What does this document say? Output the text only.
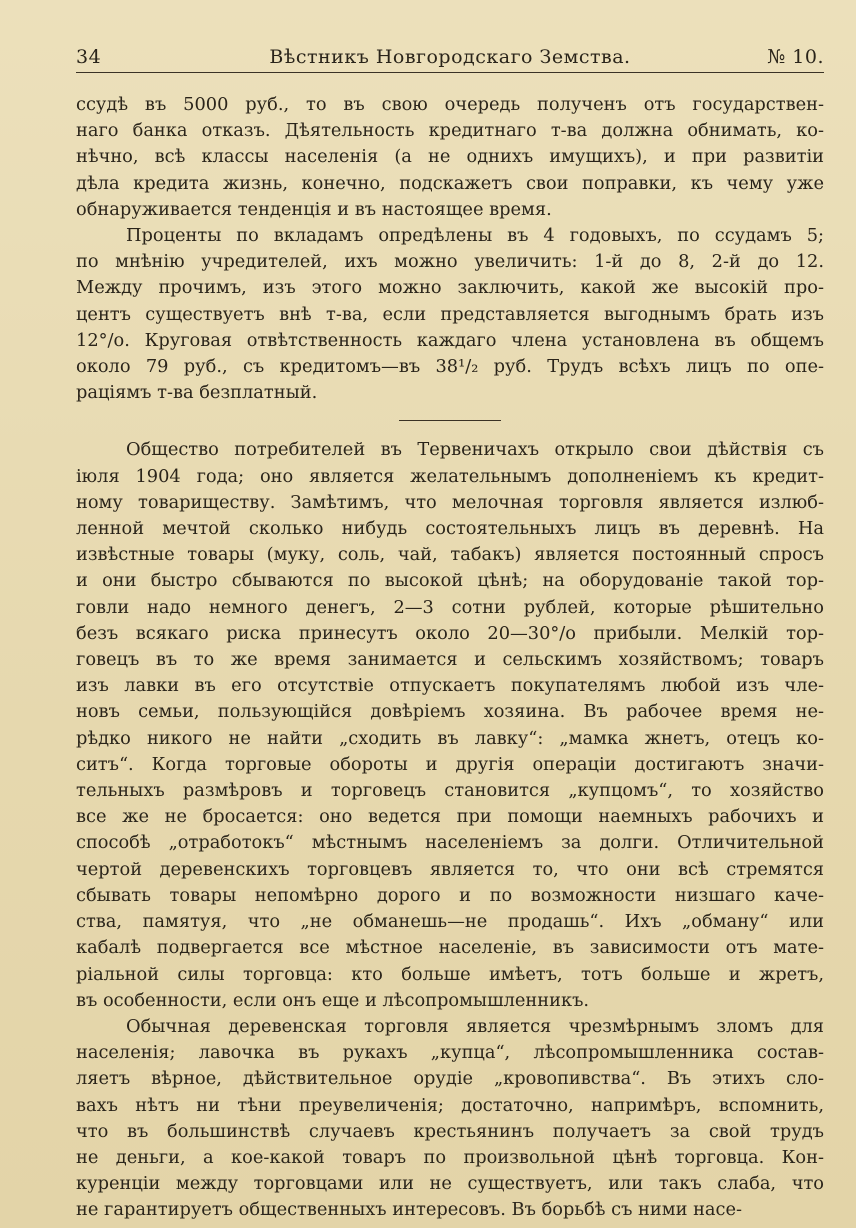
34	Вѣстникъ Новгородскаго Земства.	№ 10.
ссудѣ въ 5000 руб., то въ свою очередь полученъ отъ государствен-
наго банка отказъ. Дѣятельность кредитнаго т-ва должна обнимать, ко-
нѣчно, всѣ классы населенія (а не однихъ имущихъ), и при развитіи
дѣла кредита жизнь, конечно, подскажетъ свои поправки, къ чему уже
обнаруживается тенденція и въ настоящее время.
Проценты по вкладамъ опредѣлены въ 4 годовыхъ, по ссудамъ 5;
по мнѣнію учредителей, ихъ можно увеличить: 1-й до 8, 2-й до 12.
Между прочимъ, изъ этого можно заключить, какой же высокій про-
центъ существуетъ внѣ т-ва, если представляется выгоднымъ брать изъ
12°/о. Круговая отвѣтственность каждаго члена установлена въ общемъ
около 79 руб., съ кредитомъ—въ 38¹/₂ руб. Трудъ всѣхъ лицъ по опе-
раціямъ т-ва безплатный.
Общество потребителей въ Тервеничахъ открыло свои дѣйствія съ
іюля 1904 года; оно является желательнымъ дополненіемъ къ кредит-
ному товариществу. Замѣтимъ, что мелочная торговля является излюб-
ленной мечтой сколько нибудь состоятельныхъ лицъ въ деревнѣ. На
извѣстные товары (муку, соль, чай, табакъ) является постоянный спросъ
и они быстро сбываются по высокой цѣнѣ; на оборудованіе такой тор-
говли надо немного денегъ, 2—3 сотни рублей, которые рѣшительно
безъ всякаго риска принесутъ около 20—30°/о прибыли. Мелкій тор-
говецъ въ то же время занимается и сельскимъ хозяйствомъ; товаръ
изъ лавки въ его отсутствіе отпускаетъ покупателямъ любой изъ чле-
новъ семьи, пользующійся довѣріемъ хозяина. Въ рабочее время не-
рѣдко никого не найти „сходить въ лавку“: „мамка жнетъ, отецъ ко-
ситъ“. Когда торговые обороты и другія операціи достигаютъ значи-
тельныхъ размѣровъ и торговецъ становится „купцомъ“, то хозяйство
все же не бросается: оно ведется при помощи наемныхъ рабочихъ и
способѣ „отработокъ“ мѣстнымъ населеніемъ за долги. Отличительной
чертой деревенскихъ торговцевъ является то, что они всѣ стремятся
сбывать товары непомѣрно дорого и по возможности низшаго каче-
ства, памятуя, что „не обманешь—не продашь“. Ихъ „обману“ или
кабалѣ подвергается все мѣстное населеніе, въ зависимости отъ мате-
ріальной силы торговца: кто больше имѣетъ, тотъ больше и жретъ,
въ особенности, если онъ еще и лѣсопромышленникъ.
Обычная деревенская торговля является чрезмѣрнымъ зломъ для
населенія; лавочка въ рукахъ „купца“, лѣсопромышленника состав-
ляетъ вѣрное, дѣйствительное орудіе „кровопивства“. Въ этихъ сло-
вахъ нѣтъ ни тѣни преувеличенія; достаточно, напримѣръ, вспомнить,
что въ большинствѣ случаевъ крестьянинъ получаетъ за свой трудъ
не деньги, а кое-какой товаръ по произвольной цѣнѣ торговца. Кон-
куренціи между торговцами или не существуетъ, или такъ слаба, что
не гарантируетъ общественныхъ интересовъ. Въ борьбѣ съ ними насе-
